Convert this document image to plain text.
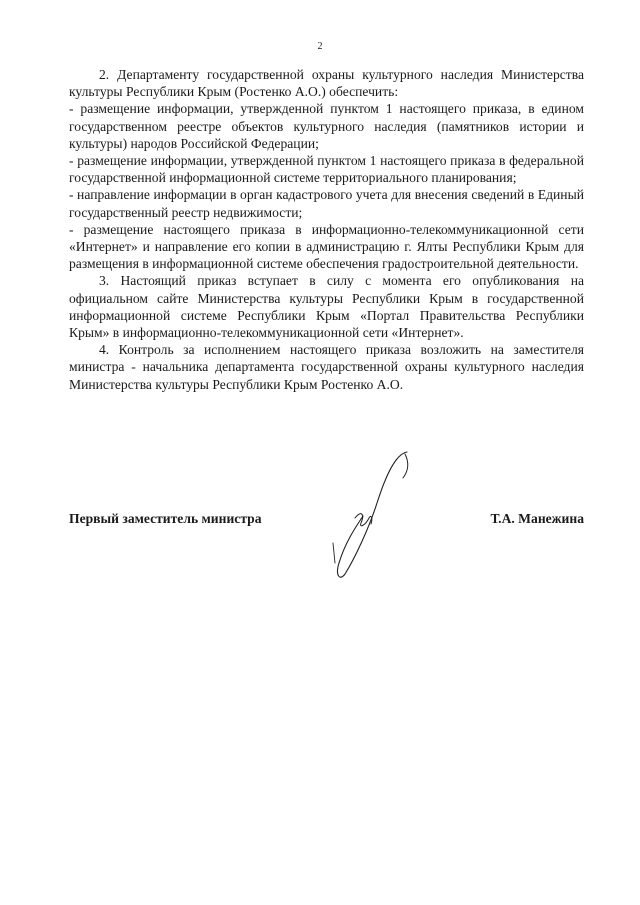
2

2. Департаменту государственной охраны культурного наследия Министерства культуры Республики Крым (Ростенко А.О.) обеспечить:

- размещение информации, утвержденной пунктом 1 настоящего приказа, в едином государственном реестре объектов культурного наследия (памятников истории и культуры) народов Российской Федерации;

- размещение информации, утвержденной пунктом 1 настоящего приказа в федеральной государственной информационной системе территориального планирования;

- направление информации в орган кадастрового учета для внесения сведений в Единый государственный реестр недвижимости;

- размещение настоящего приказа в информационно-телекоммуникационной сети «Интернет» и направление его копии в администрацию г. Ялты Республики Крым для размещения в информационной системе обеспечения градостроительной деятельности.

3. Настоящий приказ вступает в силу с момента его опубликования на официальном сайте Министерства культуры Республики Крым в государственной информационной системе Республики Крым «Портал Правительства Республики Крым» в информационно-телекоммуникационной сети «Интернет».

4. Контроль за исполнением настоящего приказа возложить на заместителя министра - начальника департамента государственной охраны культурного наследия Министерства культуры Республики Крым Ростенко А.О.

Первый заместитель министра	Т.А. Манежина
